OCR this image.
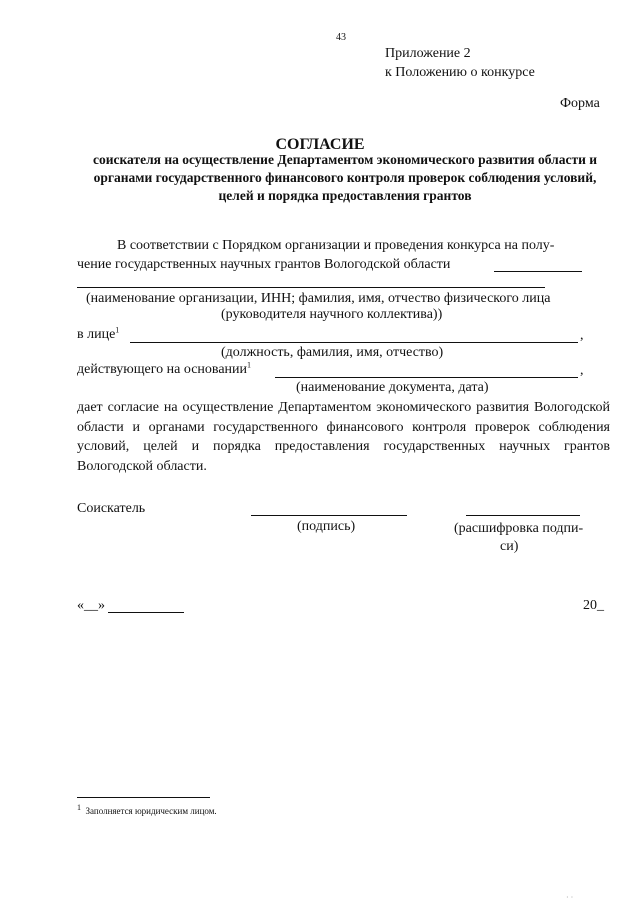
43
Приложение 2
к Положению о конкурсе
Форма
СОГЛАСИЕ
соискателя на осуществление Департаментом экономического развития области и органами государственного финансового контроля проверок соблюдения условий, целей и порядка предоставления грантов
В соответствии с Порядком организации и проведения конкурса на полу-
чение государственных научных грантов Вологодской области
(наименование организации, ИНН; фамилия, имя, отчество физического лица
(руководителя научного коллектива))
в лице$^1$	,
(должность, фамилия, имя, отчество)
действующего на основании$^1$	,
(наименование документа, дата)
дает согласие на осуществление Департаментом экономического развития Вологодской области и органами государственного финансового контроля проверок соблюдения условий, целей и порядка предоставления государственных научных грантов Вологодской области.
Соискатель
(подпись)	(расшифровка подпи-
си)
«__»	20_
$^1$ Заполняется юридическим лицом.
· ·
